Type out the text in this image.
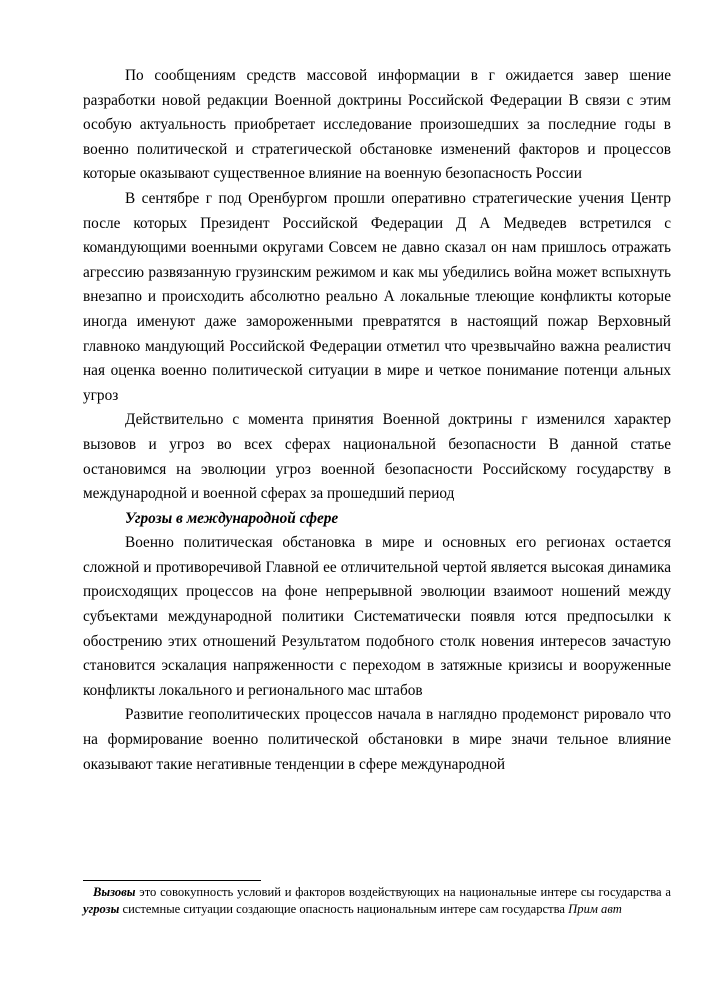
По сообщениям средств массовой информации в г ожидается завер шение разработки новой редакции Военной доктрины Российской Федерации В связи с этим особую актуальность приобретает исследование произошедших за последние годы в военно политической и стратегической обстановке изменений факторов и процессов которые оказывают существенное влияние на военную безопасность России

В сентябре г под Оренбургом прошли оперативно стратегические учения Центр после которых Президент Российской Федерации Д А Медведев встретился с командующими военными округами Совсем не давно сказал он нам пришлось отражать агрессию развязанную грузинским режимом и как мы убедились война может вспыхнуть внезапно и происходить абсолютно реально А локальные тлеющие конфликты которые иногда именуют даже замороженными превратятся в настоящий пожар Верховный главноко мандующий Российской Федерации отметил что чрезвычайно важна реалистич ная оценка военно политической ситуации в мире и четкое понимание потенци альных угроз

Действительно с момента принятия Военной доктрины г изменился характер вызовов и угроз во всех сферах национальной безопасности В данной статье остановимся на эволюции угроз военной безопасности Российскому государству в международной и военной сферах за прошедший период

Угрозы в международной сфере

Военно политическая обстановка в мире и основных его регионах остается сложной и противоречивой Главной ее отличительной чертой является высокая динамика происходящих процессов на фоне непрерывной эволюции взаимоот ношений между субъектами международной политики Систематически появля ются предпосылки к обострению этих отношений Результатом подобного столк новения интересов зачастую становится эскалация напряженности с переходом в затяжные кризисы и вооруженные конфликты локального и регионального мас штабов

Развитие геополитических процессов начала в наглядно продемонст рировало что на формирование военно политической обстановки в мире значи тельное влияние оказывают такие негативные тенденции в сфере международной

Вызовы это совокупность условий и факторов воздействующих на национальные интере сы государства а угрозы системные ситуации создающие опасность национальным интере сам государства Прим авт
